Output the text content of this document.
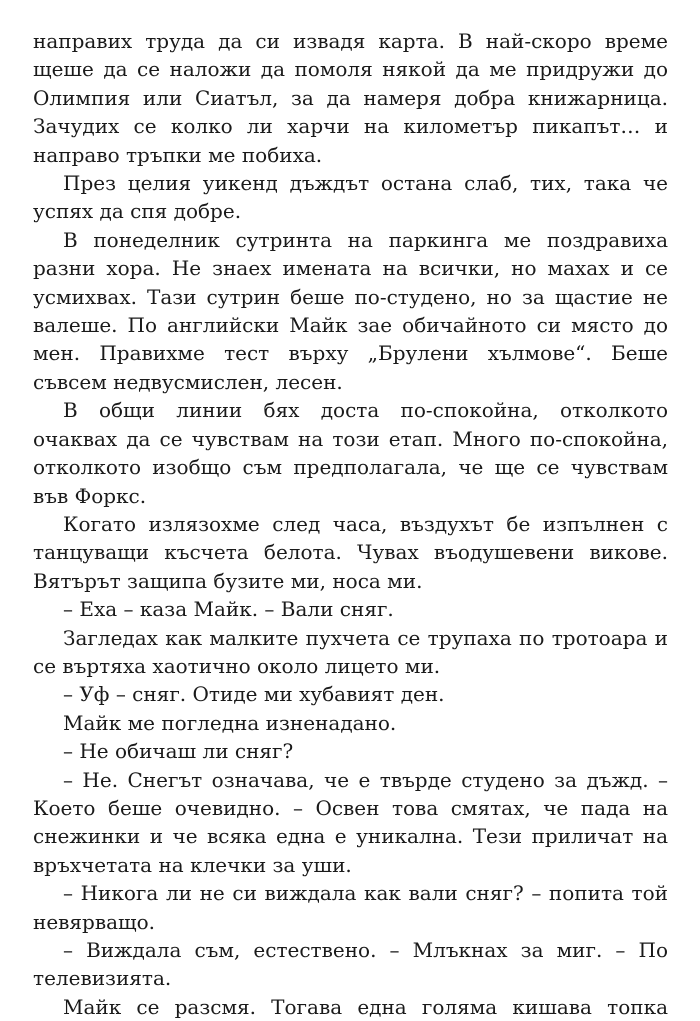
направих труда да си извадя карта. В най-скоро време щеше да се наложи да помоля някой да ме придружи до Олимпия или Сиатъл, за да намеря добра книжарница. Зачудих се колко ли харчи на километър пикапът… и направо тръпки ме побиха.

През целия уикенд дъждът остана слаб, тих, така че успях да спя добре.

В понеделник сутринта на паркинга ме поздравиха разни хора. Не знаех имената на всички, но махах и се усмихвах. Тази сутрин беше по-студено, но за щастие не валеше. По английски Майк зае обичайното си място до мен. Правихме тест върху „Брулени хълмове“. Беше съвсем недвусмислен, лесен.

В общи линии бях доста по-спокойна, отколкото очаквах да се чувствам на този етап. Много по-спокойна, отколкото изобщо съм предполагала, че ще се чувствам във Форкс.

Когато излязохме след часа, въздухът бе изпълнен с танцуващи късчета белота. Чувах въодушевени викове. Вятърът защипа бузите ми, носа ми.

– Еха – каза Майк. – Вали сняг.

Загледах как малките пухчета се трупаха по тротоара и се въртяха хаотично около лицето ми.

– Уф – сняг. Отиде ми хубавият ден.

Майк ме погледна изненадано.

– Не обичаш ли сняг?

– Не. Снегът означава, че е твърде студено за дъжд. – Което беше очевидно. – Освен това смятах, че пада на снежинки и че всяка една е уникална. Тези приличат на връхчетата на клечки за уши.

– Никога ли не си виждала как вали сняг? – попита той невярващо.

– Виждала съм, естествено. – Млъкнах за миг. – По телевизията.

Майк се разсмя. Тогава една голяма кишава топка
